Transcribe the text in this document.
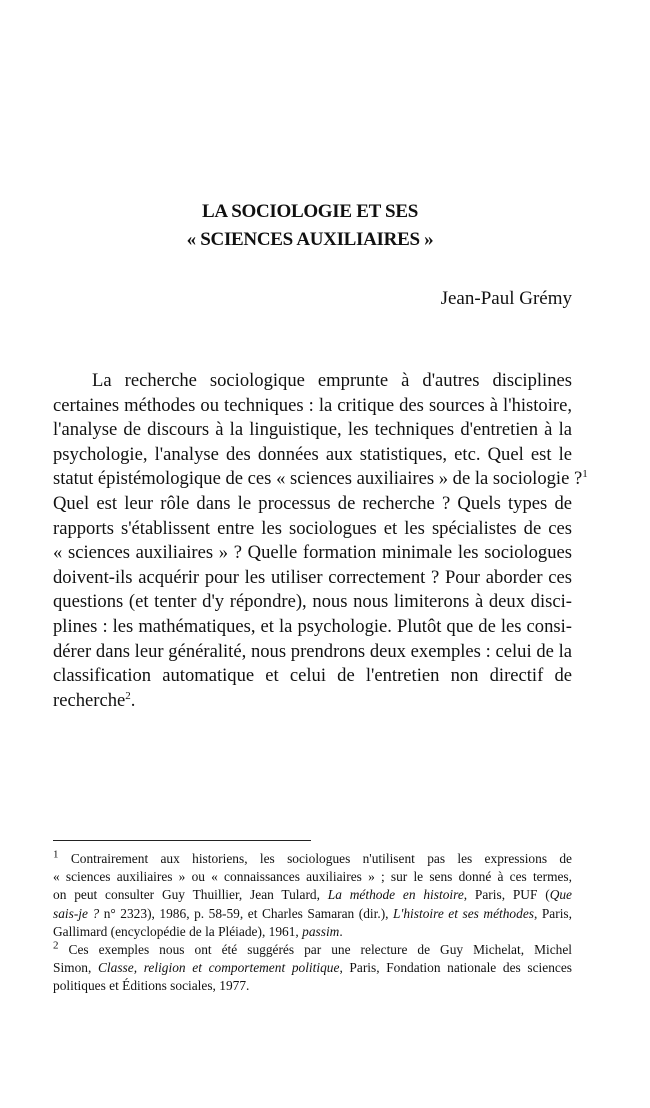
LA SOCIOLOGIE ET SES
« SCIENCES AUXILIAIRES »
Jean-Paul Grémy
La recherche sociologique emprunte à d'autres disciplines
certaines méthodes ou techniques : la critique des sources à l'histoire,
l'analyse de discours à la linguistique, les techniques d'entretien à la
psychologie, l'analyse des données aux statistiques, etc. Quel est le
statut épistémologique de ces « sciences auxiliaires » de la sociologie ?$^1$
Quel est leur rôle dans le processus de recherche ? Quels types de
rapports s'établissent entre les sociologues et les spécialistes de ces
« sciences auxiliaires » ? Quelle formation minimale les sociologues
doivent-ils acquérir pour les utiliser correctement ? Pour aborder ces
questions (et tenter d'y répondre), nous nous limiterons à deux disci-
plines : les mathématiques, et la psychologie. Plutôt que de les consi-
dérer dans leur généralité, nous prendrons deux exemples : celui de la
classification automatique et celui de l'entretien non directif de
recherche$^2$.
$^1$ Contrairement aux historiens, les sociologues n'utilisent pas les expressions de
« sciences auxiliaires » ou « connaissances auxiliaires » ; sur le sens donné à ces termes,
on peut consulter Guy Thuillier, Jean Tulard, La méthode en histoire, Paris, PUF (Que
sais-je ? n° 2323), 1986, p. 58-59, et Charles Samaran (dir.), L'histoire et ses méthodes, Paris,
Gallimard (encyclopédie de la Pléiade), 1961, passim.
$^2$ Ces exemples nous ont été suggérés par une relecture de Guy Michelat, Michel
Simon, Classe, religion et comportement politique, Paris, Fondation nationale des sciences
politiques et Éditions sociales, 1977.
